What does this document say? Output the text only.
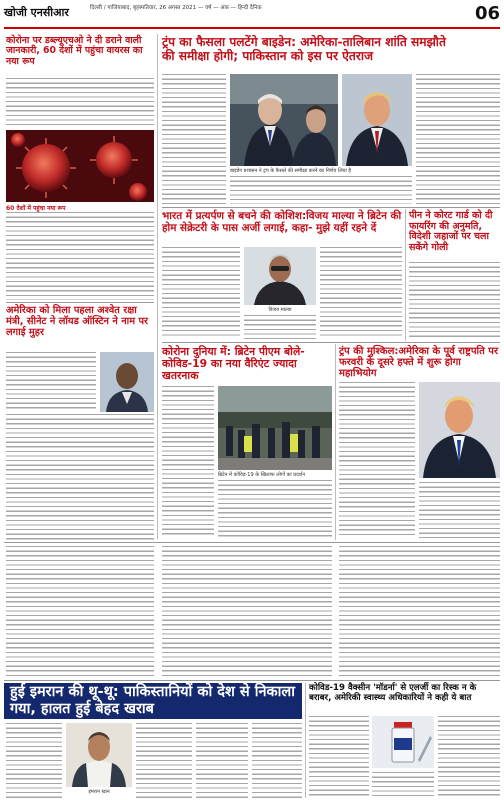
खोजी एनसीआर	दिल्ली / गाजियाबाद, बृहस्पतिवार, 26 अगस्त 2021 — वर्ष — अंक — हिन्दी दैनिक	06
कोरोना पर डब्ल्यूएचओ ने दी डराने वाली जानकारी, 60 देशों में पहुंचा वायरस का नया रूप
60 देशों में पहुंचा नया रूप
अमेरिका को मिला पहला अश्वेत रक्षा मंत्री, सीनेट ने लॉयड ऑस्टिन ने नाम पर लगाई मुहर
ट्रंप का फैसला पलटेंगे बाइडेन: अमेरिका-तालिबान शांति समझौते की समीक्षा होगी; पाकिस्तान को इस पर ऐतराज
बाइडेन प्रशासन ने ट्रंप के फैसले की समीक्षा करने का निर्णय लिया है
भारत में प्रत्यर्पण से बचने की कोशिश:विजय माल्या ने ब्रिटेन की होम सेक्रेटरी के पास अर्जी लगाई, कहा- मुझे यहीं रहने दें
विजय माल्या
पीन ने कोरट गार्ड को दी फायरिंग की अनुमति, विदेशी जहाजों पर चला सकेंगे गोली
कोरोना दुनिया में: ब्रिटेन पीएम बोले- कोविड-19 का नया वैरिएंट ज्यादा खतरनाक
ब्रिटेन में कोविड-19 के खिलाफ लोगों का प्रदर्शन
ट्रंप की मुश्किल:अमेरिका के पूर्व राष्ट्रपति पर फरवरी के दूसरे हफ्ते में शुरू होगा महाभियोग
हुई इमरान की थू-थू: पाकिस्तानियों को देश से निकाला गया, हालत हुई बेहद खराब
इमरान खान
कोविड-19 वैक्सीन 'मॉडर्ना' से एलर्जी का रिस्क न के बराबर, अमेरिकी स्वास्थ्य अधिकारियों ने कही ये बात
